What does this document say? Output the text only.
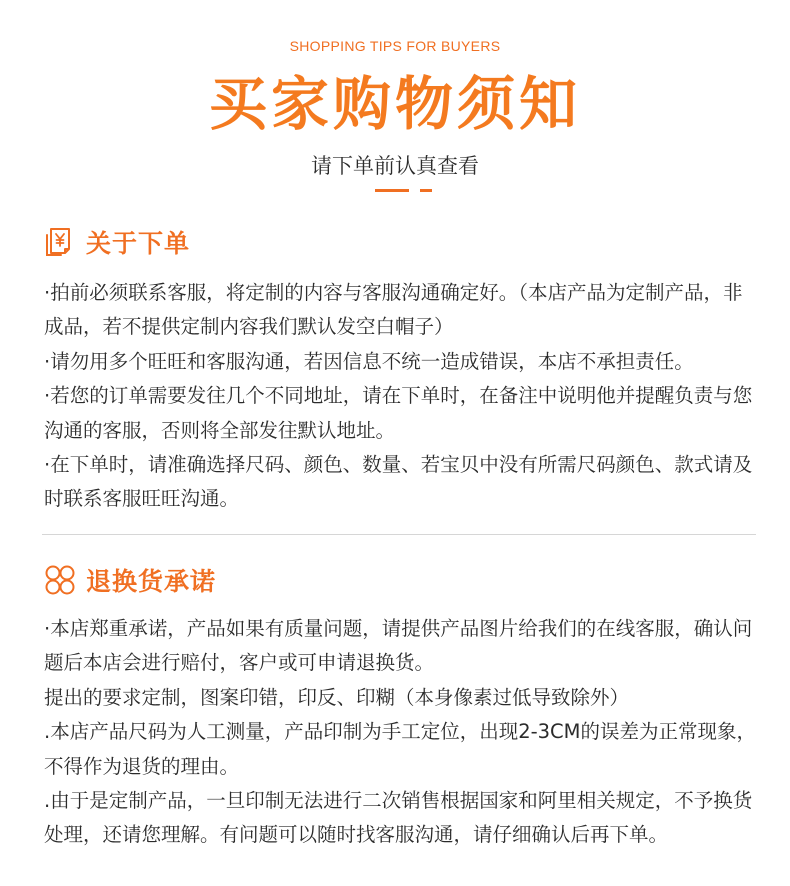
SHOPPING TIPS FOR BUYERS
买家购物须知
请下单前认真查看
关于下单

·拍前必须联系客服，将定制的内容与客服沟通确定好。（本店产品为定制产品，非成品，若不提供定制内容我们默认发空白帽子）

·请勿用多个旺旺和客服沟通，若因信息不统一造成错误，本店不承担责任。

·若您的订单需要发往几个不同地址，请在下单时，在备注中说明他并提醒负责与您沟通的客服，否则将全部发往默认地址。

·在下单时，请准确选择尺码、颜色、数量、若宝贝中没有所需尺码颜色、款式请及时联系客服旺旺沟通。

退换货承诺

·本店郑重承诺，产品如果有质量问题，请提供产品图片给我们的在线客服，确认问题后本店会进行赔付，客户或可申请退换货。

提出的要求定制，图案印错，印反、印糊（本身像素过低导致除外）

.本店产品尺码为人工测量，产品印制为手工定位，出现2-3CM的误差为正常现象，不得作为退货的理由。

.由于是定制产品，一旦印制无法进行二次销售根据国家和阿里相关规定，不予换货处理，还请您理解。有问题可以随时找客服沟通，请仔细确认后再下单。
